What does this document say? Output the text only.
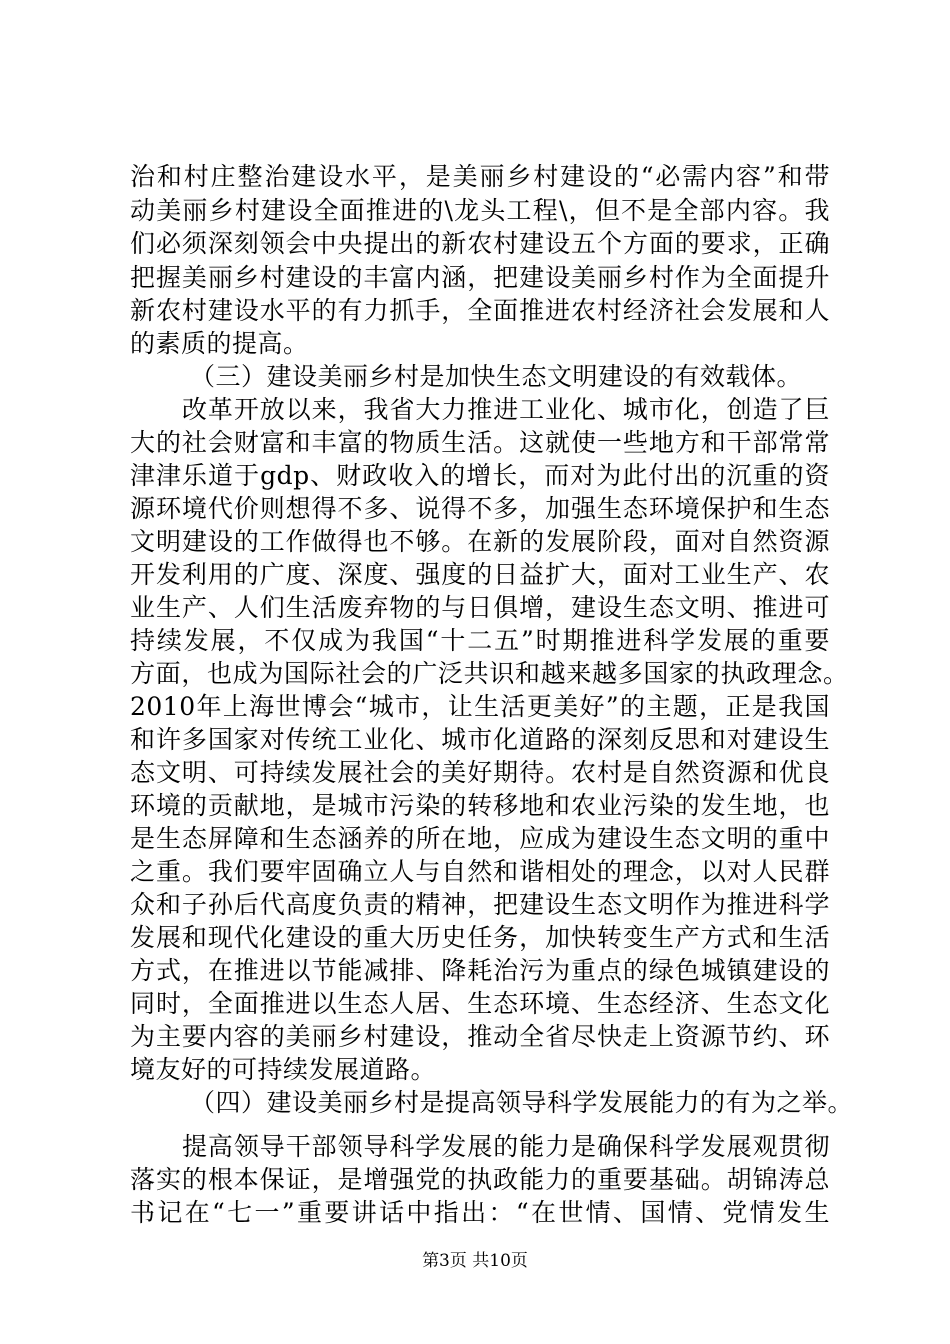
治和村庄整治建设水平，是美丽乡村建设的“必需内容”和带
动美丽乡村建设全面推进的\龙头工程\，但不是全部内容。我
们必须深刻领会中央提出的新农村建设五个方面的要求，正确
把握美丽乡村建设的丰富内涵，把建设美丽乡村作为全面提升
新农村建设水平的有力抓手，全面推进农村经济社会发展和人
的素质的提高。
（三）建设美丽乡村是加快生态文明建设的有效载体。
改革开放以来，我省大力推进工业化、城市化，创造了巨
大的社会财富和丰富的物质生活。这就使一些地方和干部常常
津津乐道于gdp、财政收入的增长，而对为此付出的沉重的资
源环境代价则想得不多、说得不多，加强生态环境保护和生态
文明建设的工作做得也不够。在新的发展阶段，面对自然资源
开发利用的广度、深度、强度的日益扩大，面对工业生产、农
业生产、人们生活废弃物的与日俱增，建设生态文明、推进可
持续发展，不仅成为我国“十二五”时期推进科学发展的重要
方面，也成为国际社会的广泛共识和越来越多国家的执政理念。
2010年上海世博会“城市，让生活更美好”的主题，正是我国
和许多国家对传统工业化、城市化道路的深刻反思和对建设生
态文明、可持续发展社会的美好期待。农村是自然资源和优良
环境的贡献地，是城市污染的转移地和农业污染的发生地，也
是生态屏障和生态涵养的所在地，应成为建设生态文明的重中
之重。我们要牢固确立人与自然和谐相处的理念，以对人民群
众和子孙后代高度负责的精神，把建设生态文明作为推进科学
发展和现代化建设的重大历史任务，加快转变生产方式和生活
方式，在推进以节能减排、降耗治污为重点的绿色城镇建设的
同时，全面推进以生态人居、生态环境、生态经济、生态文化
为主要内容的美丽乡村建设，推动全省尽快走上资源节约、环
境友好的可持续发展道路。
（四）建设美丽乡村是提高领导科学发展能力的有为之举。
提高领导干部领导科学发展的能力是确保科学发展观贯彻
落实的根本保证，是增强党的执政能力的重要基础。胡锦涛总
书记在“七一”重要讲话中指出：“在世情、国情、党情发生
第3页 共10页
